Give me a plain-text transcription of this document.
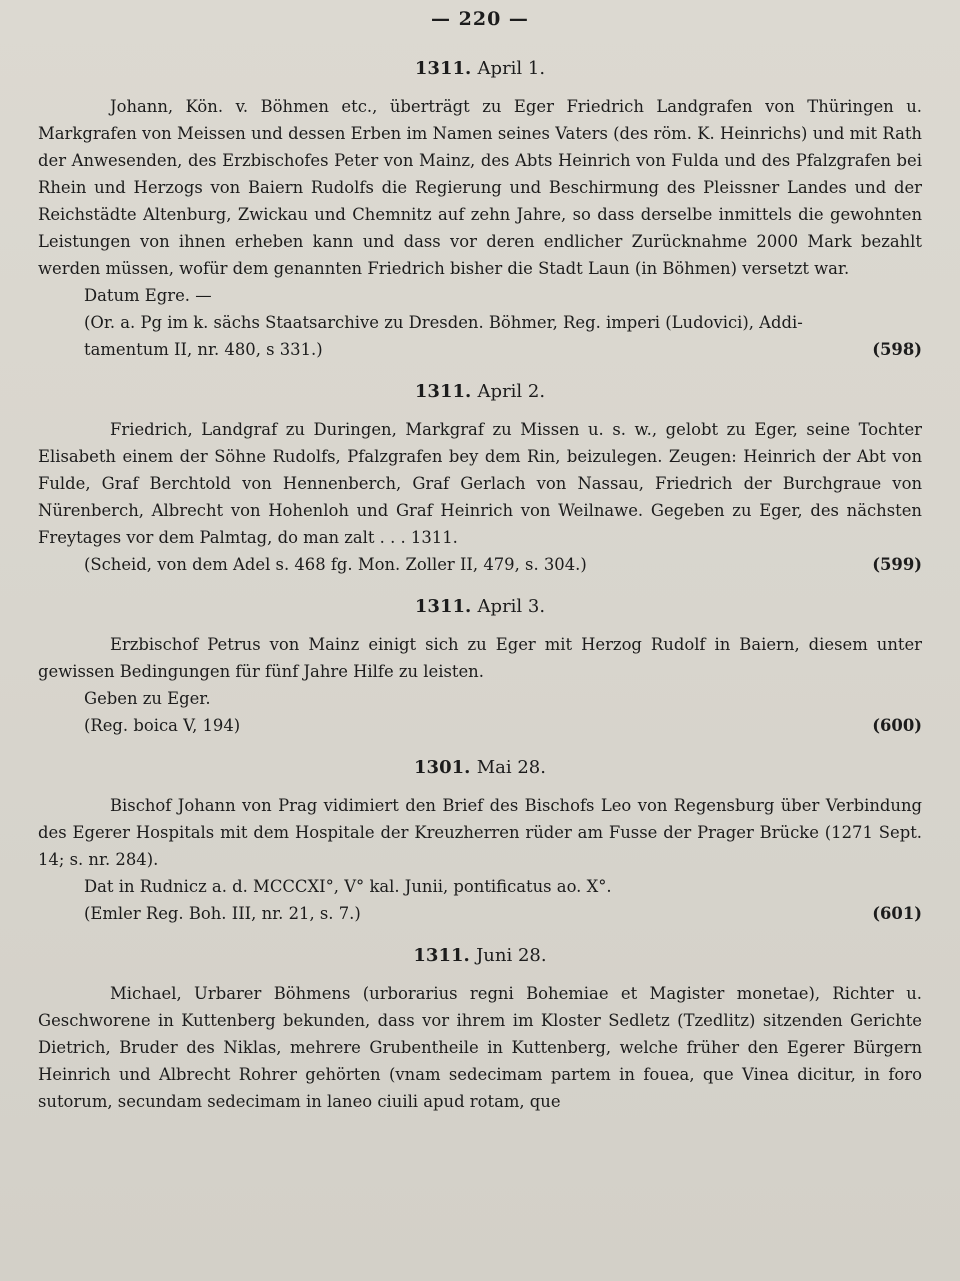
— 220 —
1311. April 1.

Johann, Kön. v. Böhmen etc., überträgt zu Eger Friedrich Landgrafen von Thüringen u. Markgrafen von Meissen und dessen Erben im Namen seines Vaters (des röm. K. Heinrichs) und mit Rath der Anwesenden, des Erzbischofes Peter von Mainz, des Abts Heinrich von Fulda und des Pfalzgrafen bei Rhein und Herzogs von Baiern Rudolfs die Regierung und Beschirmung des Pleissner Landes und der Reichstädte Altenburg, Zwickau und Chemnitz auf zehn Jahre, so dass derselbe inmittels die gewohnten Leistungen von ihnen erheben kann und dass vor deren endlicher Zurücknahme 2000 Mark bezahlt werden müssen, wofür dem genannten Friedrich bisher die Stadt Laun (in Böhmen) versetzt war.

Datum Egre. —

(Or. a. Pg im k. sächs Staatsarchive zu Dresden. Böhmer, Reg. imperi (Ludovici), Addi-

tamentum II, nr. 480, s 331.)	(598)

1311. April 2.

Friedrich, Landgraf zu Duringen, Markgraf zu Missen u. s. w., gelobt zu Eger, seine Tochter Elisabeth einem der Söhne Rudolfs, Pfalzgrafen bey dem Rin, beizulegen. Zeugen: Heinrich der Abt von Fulde, Graf Berchtold von Hennenberch, Graf Gerlach von Nassau, Friedrich der Burchgraue von Nürenberch, Albrecht von Hohenloh und Graf Heinrich von Weilnawe. Gegeben zu Eger, des nächsten Freytages vor dem Palmtag, do man zalt . . . 1311.

(Scheid, von dem Adel s. 468 fg. Mon. Zoller II, 479, s. 304.)	(599)

1311. April 3.

Erzbischof Petrus von Mainz einigt sich zu Eger mit Herzog Rudolf in Baiern, diesem unter gewissen Bedingungen für fünf Jahre Hilfe zu leisten.

Geben zu Eger.

(Reg. boica V, 194)	(600)

1301. Mai 28.

Bischof Johann von Prag vidimiert den Brief des Bischofs Leo von Regensburg über Verbindung des Egerer Hospitals mit dem Hospitale der Kreuzherren rüder am Fusse der Prager Brücke (1271 Sept. 14; s. nr. 284).

Dat in Rudnicz a. d. MCCCXI°, V° kal. Junii, pontificatus ao. X°.

(Emler Reg. Boh. III, nr. 21, s. 7.)	(601)

1311. Juni 28.

Michael, Urbarer Böhmens (urborarius regni Bohemiae et Magister monetae), Richter u. Geschworene in Kuttenberg bekunden, dass vor ihrem im Kloster Sedletz (Tzedlitz) sitzenden Gerichte Dietrich, Bruder des Niklas, mehrere Grubentheile in Kuttenberg, welche früher den Egerer Bürgern Heinrich und Albrecht Rohrer gehörten (vnam sedecimam partem in fouea, que Vinea dicitur, in foro sutorum, secundam sedecimam in laneo ciuili apud rotam, que
